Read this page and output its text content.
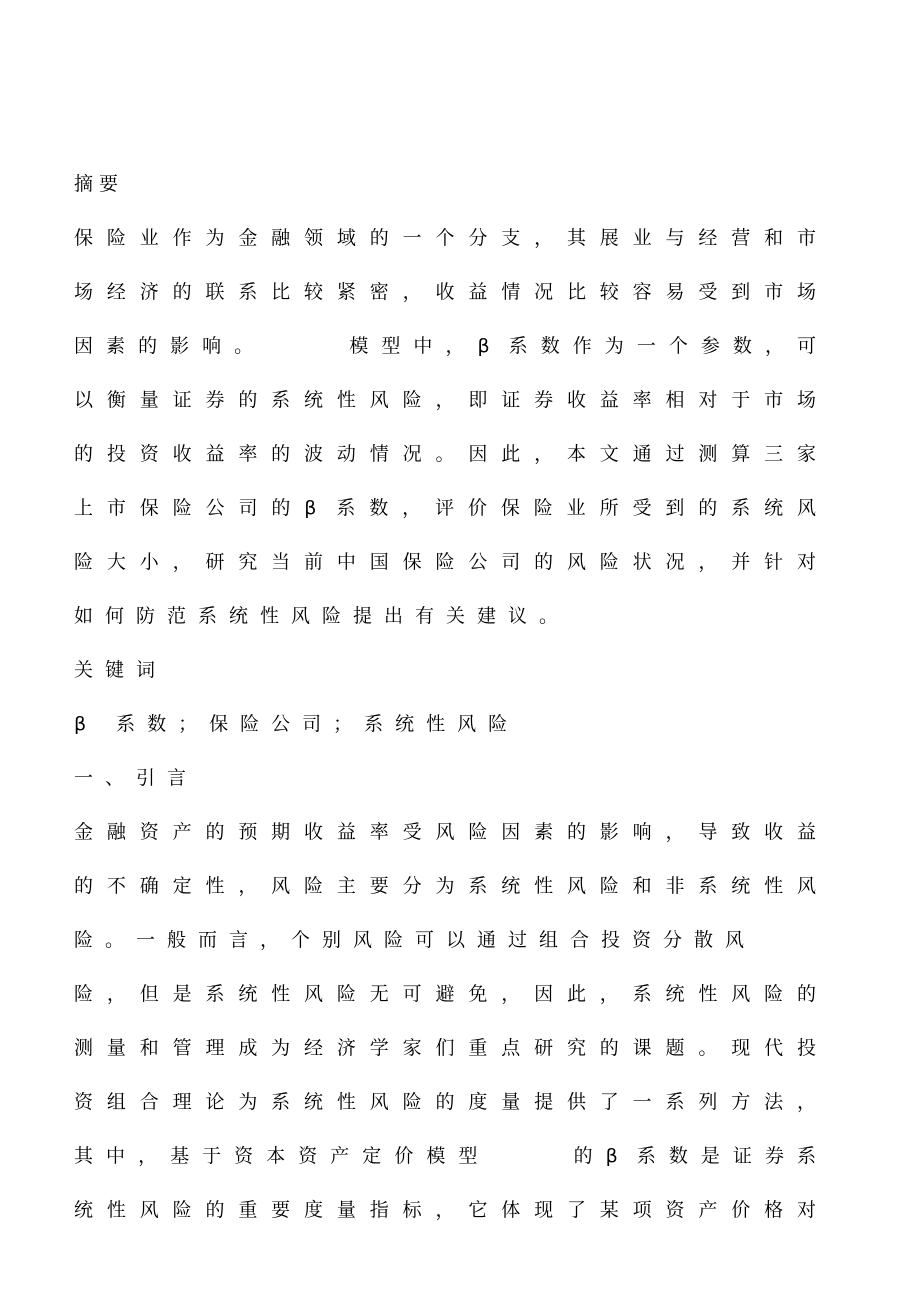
摘 要
保险业作为金融领域的一个分支，其展业与经营和市
场经济的联系比较紧密，收益情况比较容易受到市场
因素的影响。 　　模型中，β 系数作为一个参数，可
以衡量证券的系统性风险，即证券收益率相对于市场
的投资收益率的波动情况。因此，本文通过测算三家
上市保险公司的β 系数，评价保险业所受到的系统风
险大小，研究当前中国保险公司的风险状况，并针对
如何防范系统性风险提出有关建议。
关键词
β 系数；保险公司；系统性风险
一、引言
金融资产的预期收益率受风险因素的影响，导致收益
的不确定性，风险主要分为系统性风险和非系统性风
险。一般而言，个别风险可以通过组合投资分散风
险，但是系统性风险无可避免，因此，系统性风险的
测量和管理成为经济学家们重点研究的课题。现代投
资组合理论为系统性风险的度量提供了一系列方法，
其中，基于资本资产定价模型 　　的β 系数是证券系
统性风险的重要度量指标，它体现了某项资产价格对
